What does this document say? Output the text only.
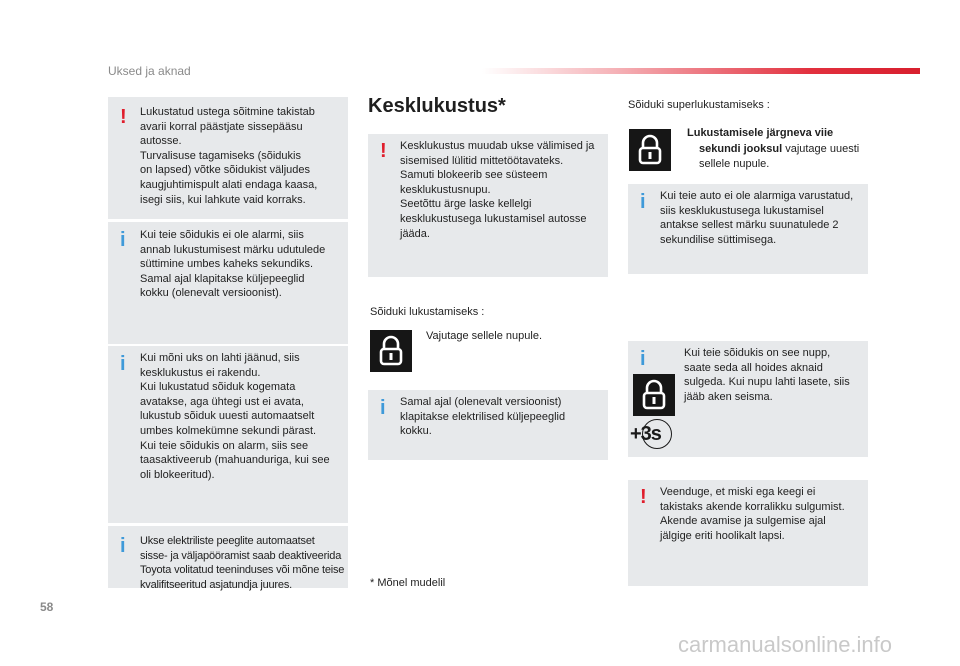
Uksed ja aknad
! Lukustatud ustega sõitmine takistab
avarii korral päästjate sissepääsu
autosse.
Turvalisuse tagamiseks (sõidukis
on lapsed) võtke sõidukist väljudes
kaugjuhtimispult alati endaga kaasa,
isegi siis, kui lahkute vaid korraks.
i Kui teie sõidukis ei ole alarmi, siis
annab lukustumisest märku udutulede
süttimine umbes kaheks sekundiks.
Samal ajal klapitakse küljepeeglid
kokku (olenevalt versioonist).
i Kui mõni uks on lahti jäänud, siis
kesklukustus ei rakendu.
Kui lukustatud sõiduk kogemata
avatakse, aga ühtegi ust ei avata,
lukustub sõiduk uuesti automaatselt
umbes kolmekümne sekundi pärast.
Kui teie sõidukis on alarm, siis see
taasaktiveerub (mahuanduriga, kui see
oli blokeeritud).
i Ukse elektriliste peeglite automaatset
sisse- ja väljapööramist saab deaktiveerida
Toyota volitatud teeninduses või mõne teise
kvalifitseeritud asjatundja juures.
Kesklukustus*
! Kesklukustus muudab ukse välimised ja
sisemised lülitid mittetöötavateks.
Samuti blokeerib see süsteem
kesklukustusnupu.
Seetõttu ärge laske kellelgi
kesklukustusega lukustamisel autosse
jääda.
Sõiduki lukustamiseks :
Vajutage sellele nupule.
i Samal ajal (olenevalt versioonist)
klapitakse elektrilised küljepeeglid
kokku.
* Mõnel mudelil
Sõiduki superlukustamiseks :
Lukustamisele järgneva viie
sekundi jooksul vajutage uuesti
sellele nupule.
i Kui teie auto ei ole alarmiga varustatud,
siis kesklukustusega lukustamisel
antakse sellest märku suunatulede 2
sekundilise süttimisega.
i	Kui teie sõidukis on see nupp,
saate seda all hoides aknaid
sulgeda. Kui nupu lahti lasete, siis
jääb aken seisma.
+3s
! Veenduge, et miski ega keegi ei
takistaks akende korralikku sulgumist.
Akende avamise ja sulgemise ajal
jälgige eriti hoolikalt lapsi.
58
carmanualsonline.info
